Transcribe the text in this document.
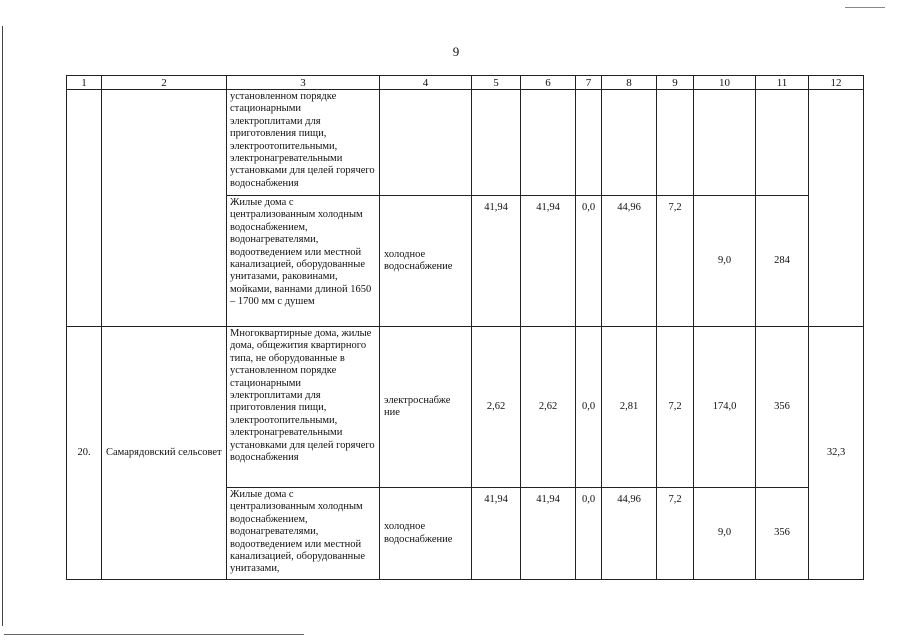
9
1	2	3	4	5	6	7	8	9	10	11	12
		установленном порядке стационарными электроплитами для приготовления пищи, электроотопительными, электронагревательными установками для целей горячего водоснабжения									
		Жилые дома с централизованным холодным водоснабжением, водонагревателями, водоотведением или местной канализацией, оборудованные унитазами, раковинами, мойками, ваннами длиной 1650 – 1700 мм с душем	холодное водоснабжение	41,94	41,94	0,0	44,96	7,2	9,0	284	
20.	Самарядовский сельсовет	Многоквартирные дома, жилые дома, общежития квартирного типа, не оборудованные в установленном порядке стационарными электроплитами для приготовления пищи, электроотопительными, электронагревательными установками для целей горячего водоснабжения	электроснабже ние	2,62	2,62	0,0	2,81	7,2	174,0	356	32,3
		Жилые дома с централизованным холодным водоснабжением, водонагревателями, водоотведением или местной канализацией, оборудованные унитазами,	холодное водоснабжение	41,94	41,94	0,0	44,96	7,2	9,0	356	
